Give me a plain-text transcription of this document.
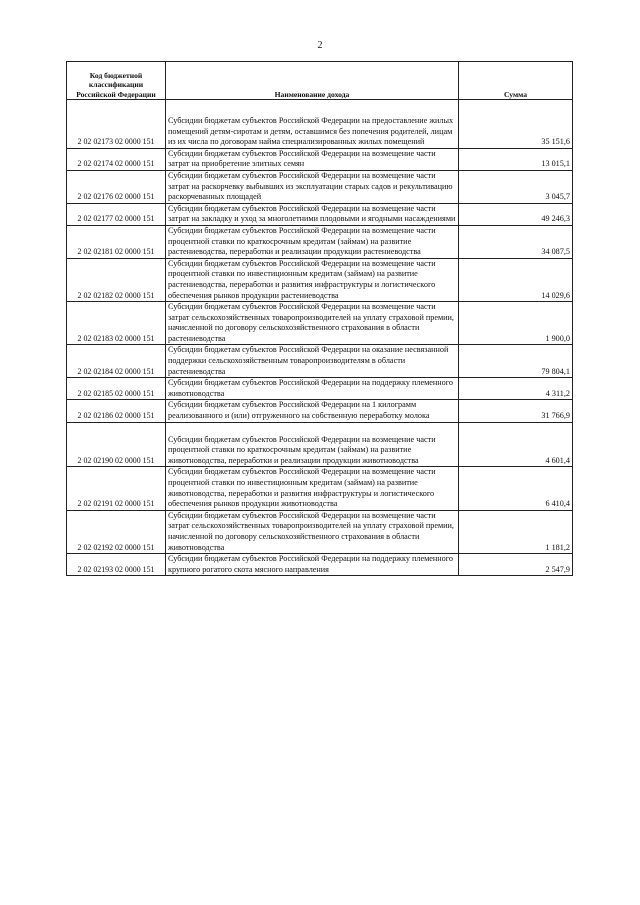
2
Код бюджетной классификации Российской Федерации	Наименование дохода	Сумма
2 02 02173 02 0000 151	Субсидии бюджетам субъектов Российской Федерации на предоставление жилых помещений детям-сиротам и детям, оставшимся без попечения родителей, лицам из их числа по договорам найма специализированных жилых помещений	35 151,6
2 02 02174 02 0000 151	Субсидии бюджетам субъектов Российской Федерации на возмещение части затрат на приобретение элитных семян	13 015,1
2 02 02176 02 0000 151	Субсидии бюджетам субъектов Российской Федерации на возмещение части затрат на раскорчевку выбывших из эксплуатации старых садов и рекультивацию раскорчеванных площадей	3 045,7
2 02 02177 02 0000 151	Субсидии бюджетам субъектов Российской Федерации на возмещение части затрат на закладку и уход за многолетними плодовыми и ягодными насаждениями	49 246,3
2 02 02181 02 0000 151	Субсидии бюджетам субъектов Российской Федерации на возмещение части процентной ставки по краткосрочным кредитам (займам) на развитие растениеводства, переработки и реализации продукции растениеводства	34 087,5
2 02 02182 02 0000 151	Субсидии бюджетам субъектов Российской Федерации на возмещение части процентной ставки по инвестиционным кредитам (займам) на развитие растениеводства, переработки и развития инфраструктуры и логистического обеспечения рынков продукции растениеводства	14 029,6
2 02 02183 02 0000 151	Субсидии бюджетам субъектов Российской Федерации на возмещение части затрат сельскохозяйственных товаропроизводителей на уплату страховой премии, начисленной по договору сельскохозяйственного страхования в области растениеводства	1 900,0
2 02 02184 02 0000 151	Субсидии бюджетам субъектов Российской Федерации на оказание несвязанной поддержки сельскохозяйственным товаропроизводителям в области растениеводства	79 804,1
2 02 02185 02 0000 151	Субсидии бюджетам субъектов Российской Федерации на поддержку племенного животноводства	4 311,2
2 02 02186 02 0000 151	Субсидии бюджетам субъектов Российской Федерации на 1 килограмм реализованного и (или) отгруженного на собственную переработку молока	31 766,9
2 02 02190 02 0000 151	Субсидии бюджетам субъектов Российской Федерации на возмещение части процентной ставки по краткосрочным кредитам (займам) на развитие животноводства, переработки и реализации продукции животноводства	4 601,4
2 02 02191 02 0000 151	Субсидии бюджетам субъектов Российской Федерации на возмещение части процентной ставки по инвестиционным кредитам (займам) на развитие животноводства, переработки и развития инфраструктуры и логистического обеспечения рынков продукции животноводства	6 410,4
2 02 02192 02 0000 151	Субсидии бюджетам субъектов Российской Федерации на возмещение части затрат сельскохозяйственных товаропроизводителей на уплату страховой премии, начисленной по договору сельскохозяйственного страхования в области животноводства	1 181,2
2 02 02193 02 0000 151	Субсидии бюджетам субъектов Российской Федерации на поддержку племенного крупного рогатого скота мясного направления	2 547,9
